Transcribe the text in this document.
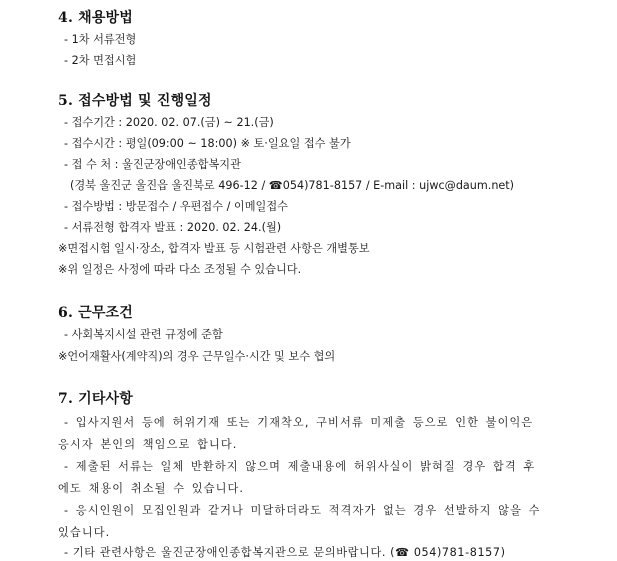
4. 채용방법
- 1차 서류전형
- 2차 면접시험
5. 접수방법 및 진행일정
- 접수기간 : 2020. 02. 07.(금) ~ 21.(금)
- 접수시간 : 평일(09:00 ~ 18:00) ※ 토·일요일 접수 불가
- 접 수 처 : 울진군장애인종합복지관
(경북 울진군 울진읍 울진북로 496-12 / ☎054)781-8157 / E-mail : ujwc@daum.net)
- 접수방법 : 방문접수 / 우편접수 / 이메일접수
- 서류전형 합격자 발표 : 2020. 02. 24.(월)
※면접시험 일시·장소, 합격자 발표 등 시험관련 사항은 개별통보
※위 일정은 사정에 따라 다소 조정될 수 있습니다.
6. 근무조건
- 사회복지시설 관련 규정에 준함
※언어재활사(계약직)의 경우 근무일수·시간 및 보수 협의
7. 기타사항
- 입사지원서 등에 허위기재 또는 기재착오, 구비서류 미제출 등으로 인한 불이익은
응시자 본인의 책임으로 합니다.
- 제출된 서류는 일체 반환하지 않으며 제출내용에 허위사실이 밝혀질 경우 합격 후
에도 채용이 취소될 수 있습니다.
- 응시인원이 모집인원과 같거나 미달하더라도 적격자가 없는 경우 선발하지 않을 수
있습니다.
- 기타 관련사항은 울진군장애인종합복지관으로 문의바랍니다. (☎ 054)781-8157)
